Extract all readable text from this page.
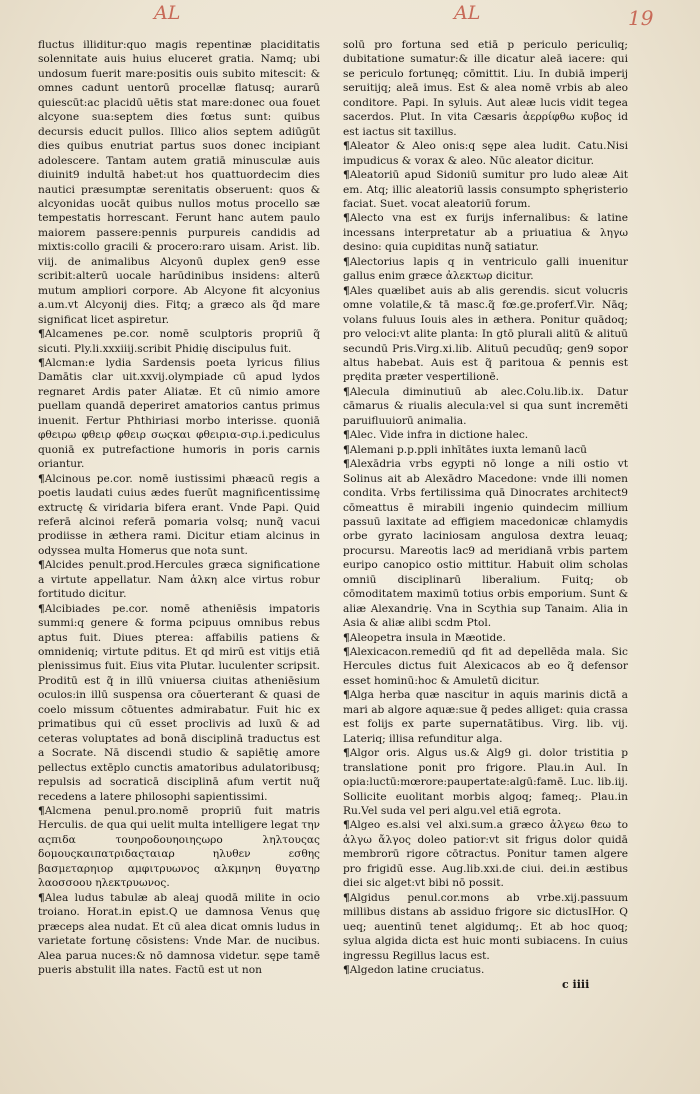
AL	AL	19

fluctus illiditur:quo magis repentinæ placiditatis solennitate auis huius eluceret gratia. Namq; ubi undosum fuerit mare:positis ouis subito mitescit: & omnes cadunt uentorū procellæ flatusq; aurarū quiescūt:ac placidū uētis stat mare:donec oua fouet alcyone sua:septem dies fœtus sunt: quibus decursis educit pullos. Illico alios septem adiūgūt dies quibus enutriat partus suos donec incipiant adolescere. Tantam autem gratiā minusculæ auis diuinit9 indultā habet:ut hos quattuordecim dies nautici præsumptæ serenitatis obseruent: quos & alcyonidas uocāt quibus nullos motus procello sæ tempestatis horrescant. Ferunt hanc autem paulo maiorem passere:pennis purpureis candidis ad mixtis:collo gracili & procero:raro uisam. Arist. lib. viij. de animalibus Alcyonū duplex gen9 esse scribit:alterū uocale harūdinibus insidens: alterū mutum ampliori corpore. Ab Alcyone fit alcyonius a.um.vt Alcyonij dies. Fitq; a græco als q̃d mare significat licet aspiretur.

¶Alcamenes pe.cor. nomē sculptoris propriū q̃ sicuti. Ply.li.xxxiiij.scribit Phidię discipulus fuit.

¶Alcman:e lydia Sardensis poeta lyricus filius Damātis clar uit.xxvij.olympiade cū apud lydos regnaret Ardis pater Aliatæ. Et cū nimio amore puellam quandā deperiret amatorios cantus primus inuenit. Fertur Phthiriasi morbo interisse. quoniā φθειρω φθειρ φθειρ σωςκαι φθειρια-σιρ.i.pediculus quoniā ex putrefactione humoris in poris carnis oriantur.

¶Alcinous pe.cor. nomē iustissimi phæacū regis a poetis laudati cuius ædes fuerūt magnificentissimę extructę & viridaria bifera erant. Vnde Papi. Quid referā alcinoi referā pomaria volsq; nunq̃ vacui prodiisse in æthera rami. Dicitur etiam alcinus in odyssea multa Homerus que nota sunt.

¶Alcides penult.prod.Hercules græca significatione a virtute appellatur. Nam ἀλκη alce virtus robur fortitudo dicitur.

¶Alcibiades pe.cor. nomē atheniēsis impatoris summi:q genere & forma pcipuus omnibus rebus aptus fuit. Diues pterea: affabilis patiens & omnideniq; virtute pditus. Et qd mirū est vitijs etiā plenissimus fuit. Eius vita Plutar. luculenter scripsit. Proditū est q̃ in illū vniuersa ciuitas atheniēsium oculos:in illū suspensa ora cōuerterant & quasi de coelo missum cōtuentes admirabatur. Fuit hic ex primatibus qui cū esset proclivis ad luxū & ad ceteras voluptates ad bonā disciplinā traductus est a Socrate. Nā discendi studio & sapiētię amore pellectus extēplo cunctis amatoribus adulatoribusq; repulsis ad socraticā disciplinā afum vertit nuq̃ recedens a latere philosophi sapientissimi.

¶Alcmena penul.pro.nomē propriū fuit matris Herculis. de qua qui uelit multa intelligere legat την αςπιδα τουηροδουηοιηςωρο ληλτουςας δομουςκαιπατριδαςταιαρ ηλυθεν εσθης βασμεταρηιορ αμφιτρυωνος αλκμηνη θυγατηρ λαοσσοου ηλεκτρυωνος.

¶Alea ludus tabulæ ab aleaj quodā milite in ocio troiano. Horat.in epist.Q ue damnosa Venus quę præceps alea nudat. Et cū alea dicat omnis ludus in varietate fortunę cōsistens: Vnde Mar. de nucibus. Alea parua nuces:& nō damnosa videtur. sępe tamē pueris abstulit illa nates. Factū est ut non

solū pro fortuna sed etiā p periculo periculiq; dubitatione sumatur:& ille dicatur aleā iacere: qui se periculo fortunęq; cōmittit. Liu. In dubiā imperij seruitijq; aleā imus. Est & alea nomē vrbis ab aleo conditore. Papi. In syluis. Aut aleæ lucis vidit tegea sacerdos. Plut. In vita Cæsaris ἀερρίφθω κυβος id est iactus sit taxillus.

¶Aleator & Aleo onis:q sępe alea ludit. Catu.Nisi impudicus & vorax & aleo. Nūc aleator dicitur.

¶Aleatoriū apud Sidoniū sumitur pro ludo aleæ Ait em. Atq; illic aleatoriū lassis consumpto sphęristerio faciat. Suet. vocat aleatoriū forum.

¶Alecto vna est ex furijs infernalibus: & latine incessans interpretatur ab a priuatiua & ληγω desino: quia cupiditas nunq̃ satiatur.

¶Alectorius lapis q in ventriculo galli inuenitur gallus enim græce ἀλεκτωρ dicitur.

¶Ales quælibet auis ab alis gerendis. sicut volucris omne volatile,& tā masc.q̃ fœ.ge.proferf.Vir. Nāq; volans fuluus Iouis ales in æthera. Ponitur quādoq; pro veloci:vt alite planta: In gtō plurali alitū & alituū secundū Pris.Virg.xi.lib. Alituū pecudūq; gen9 sopor altus habebat. Auis est q̃ paritoua & pennis est prędita præter vespertilionē.

¶Alecula diminutiuū ab alec.Colu.lib.ix. Datur cāmarus & riualis alecula:vel si qua sunt incremēti paruifluuiorū animalia.

¶Alec. Vide infra in dictione halec.

¶Alemani p.p.ppli inhītātes iuxta lemanū lacū

¶Alexādria vrbs egypti nō longe a nili ostio vt Solinus ait ab Alexādro Macedone: vnde illi nomen condita. Vrbs fertilissima quā Dinocrates architect9 cōmeattus ē mirabili ingenio quindecim millium passuū laxitate ad effigiem macedonicæ chlamydis orbe gyrato laciniosam angulosa dextra leuaq; procursu. Mareotis lac9 ad meridianā vrbis partem euripo canopico ostio mittitur. Habuit olim scholas omniū disciplinarū liberalium. Fuitq; ob cōmoditatem maximū totius orbis emporium. Sunt & aliæ Alexandrię. Vna in Scythia sup Tanaim. Alia in Asia & aliæ alibi scdm Ptol.

¶Aleopetra insula in Mæotide.

¶Alexicacon.remediū qd fit ad depellēda mala. Sic Hercules dictus fuit Alexicacos ab eo q̃ defensor esset hominū:hoc & Amuletū dicitur.

¶Alga herba quæ nascitur in aquis marinis dictā a mari ab algore aquæ:sue q̃ pedes alliget: quia crassa est folijs ex parte supernatātibus. Virg. lib. vij. Lateriq; illisa refunditur alga.

¶Algor oris. Algus us.& Alg9 gi. dolor tristitia p translatione ponit pro frigore. Plau.in Aul. In opia:luctū:mœrore:paupertate:algū:famē. Luc. lib.iij. Sollicite euolitant morbis algoq; fameq;. Plau.in Ru.Vel suda vel peri algu.vel etiā egrota.

¶Algeo es.alsi vel alxi.sum.a græco ἀλγεω θεω to ἀλγω ἄλγος doleo patior:vt sit frigus dolor quidā membrorū rigore cōtractus. Ponitur tamen algere pro frigidū esse. Aug.lib.xxi.de ciui. dei.in æstibus diei sic alget:vt bibi nō possit.

¶Algidus penul.cor.mons ab vrbe.xij.passuum millibus distans ab assiduo frigore sic dictusIHor. Q ueq; auentinū tenet algidumq;. Et ab hoc quoq; sylua algida dicta est huic monti subiacens. In cuius ingressu Regillus lacus est.

¶Algedon latine cruciatus.

c iiii
